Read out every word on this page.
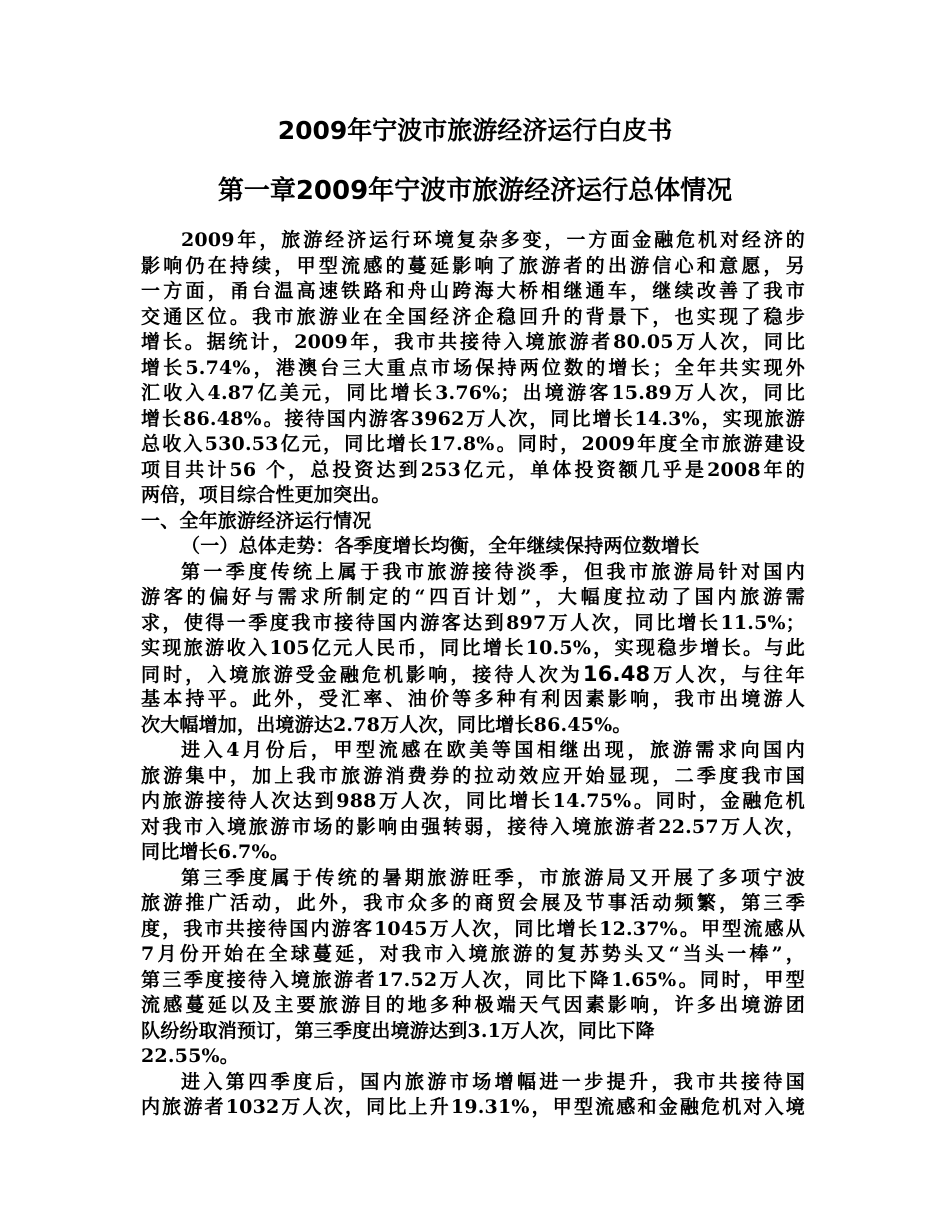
2009年宁波市旅游经济运行白皮书
第一章2009年宁波市旅游经济运行总体情况
2009年，旅游经济运行环境复杂多变，一方面金融危机对经济的
影响仍在持续，甲型流感的蔓延影响了旅游者的出游信心和意愿，另
一方面，甬台温高速铁路和舟山跨海大桥相继通车，继续改善了我市
交通区位。我市旅游业在全国经济企稳回升的背景下，也实现了稳步
增长。据统计，2009年，我市共接待入境旅游者80.05万人次，同比
增长5.74%，港澳台三大重点市场保持两位数的增长；全年共实现外
汇收入4.87亿美元，同比增长3.76%；出境游客15.89万人次，同比
增长86.48%。接待国内游客3962万人次，同比增长14.3%，实现旅游
总收入530.53亿元，同比增长17.8%。同时，2009年度全市旅游建设
项目共计56 个，总投资达到253亿元，单体投资额几乎是2008年的
两倍，项目综合性更加突出。
一、全年旅游经济运行情况
（一）总体走势：各季度增长均衡，全年继续保持两位数增长
第一季度传统上属于我市旅游接待淡季，但我市旅游局针对国内
游客的偏好与需求所制定的“四百计划”，大幅度拉动了国内旅游需
求，使得一季度我市接待国内游客达到897万人次，同比增长11.5%；
实现旅游收入105亿元人民币，同比增长10.5%，实现稳步增长。与此
同时，入境旅游受金融危机影响，接待人次为16.48万人次，与往年
基本持平。此外，受汇率、油价等多种有利因素影响，我市出境游人
次大幅增加，出境游达2.78万人次，同比增长86.45%。
进入4月份后，甲型流感在欧美等国相继出现，旅游需求向国内
旅游集中，加上我市旅游消费券的拉动效应开始显现，二季度我市国
内旅游接待人次达到988万人次，同比增长14.75%。同时，金融危机
对我市入境旅游市场的影响由强转弱，接待入境旅游者22.57万人次，
同比增长6.7%。
第三季度属于传统的暑期旅游旺季，市旅游局又开展了多项宁波
旅游推广活动，此外，我市众多的商贸会展及节事活动频繁，第三季
度，我市共接待国内游客1045万人次，同比增长12.37%。甲型流感从
7月份开始在全球蔓延，对我市入境旅游的复苏势头又“当头一棒”，
第三季度接待入境旅游者17.52万人次，同比下降1.65%。同时，甲型
流感蔓延以及主要旅游目的地多种极端天气因素影响，许多出境游团
队纷纷取消预订，第三季度出境游达到3.1万人次，同比下降
22.55%。
进入第四季度后，国内旅游市场增幅进一步提升，我市共接待国
内旅游者1032万人次，同比上升19.31%，甲型流感和金融危机对入境
